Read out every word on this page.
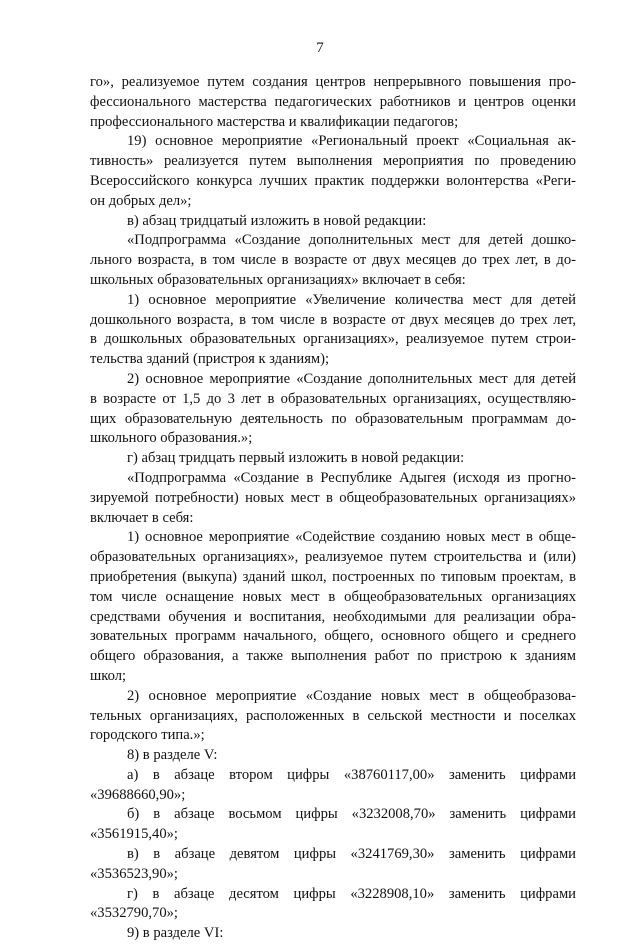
7
го», реализуемое путем создания центров непрерывного повышения про-
фессионального мастерства педагогических работников и центров оценки
профессионального мастерства и квалификации педагогов;
19) основное мероприятие «Региональный проект «Социальная ак-
тивность» реализуется путем выполнения мероприятия по проведению
Всероссийского конкурса лучших практик поддержки волонтерства «Реги-
он добрых дел»;
в) абзац тридцатый изложить в новой редакции:
«Подпрограмма «Создание дополнительных мест для детей дошко-
льного возраста, в том числе в возрасте от двух месяцев до трех лет, в до-
школьных образовательных организациях» включает в себя:
1) основное мероприятие «Увеличение количества мест для детей
дошкольного возраста, в том числе в возрасте от двух месяцев до трех лет,
в дошкольных образовательных организациях», реализуемое путем строи-
тельства зданий (пристроя к зданиям);
2) основное мероприятие «Создание дополнительных мест для детей
в возрасте от 1,5 до 3 лет в образовательных организациях, осуществляю-
щих образовательную деятельность по образовательным программам до-
школьного образования.»;
г) абзац тридцать первый изложить в новой редакции:
«Подпрограмма «Создание в Республике Адыгея (исходя из прогно-
зируемой потребности) новых мест в общеобразовательных организациях»
включает в себя:
1) основное мероприятие «Содействие созданию новых мест в обще-
образовательных организациях», реализуемое путем строительства и (или)
приобретения (выкупа) зданий школ, построенных по типовым проектам, в
том числе оснащение новых мест в общеобразовательных организациях
средствами обучения и воспитания, необходимыми для реализации обра-
зовательных программ начального, общего, основного общего и среднего
общего образования, а также выполнения работ по пристрою к зданиям
школ;
2) основное мероприятие «Создание новых мест в общеобразова-
тельных организациях, расположенных в сельской местности и поселках
городского типа.»;
8) в разделе V:
а) в абзаце втором цифры «38760117,00» заменить цифрами
«39688660,90»;
б) в абзаце восьмом цифры «3232008,70» заменить цифрами
«3561915,40»;
в) в абзаце девятом цифры «3241769,30» заменить цифрами
«3536523,90»;
г) в абзаце десятом цифры «3228908,10» заменить цифрами
«3532790,70»;
9) в разделе VI:
